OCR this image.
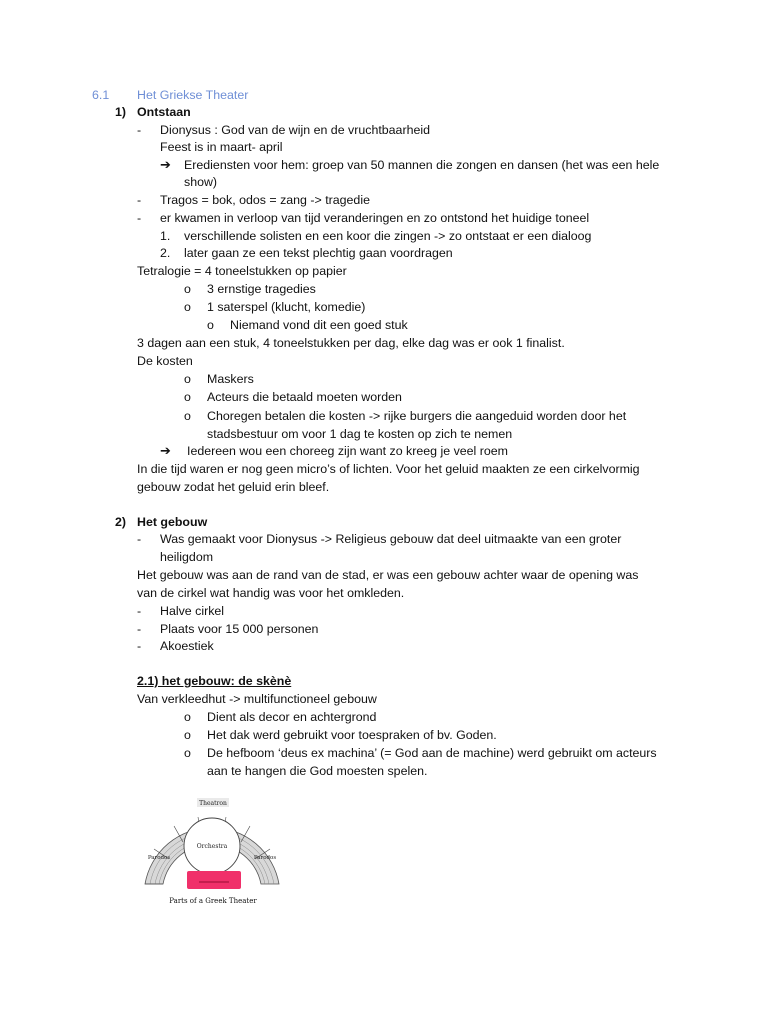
6.1 Het Griekse Theater
1) Ontstaan
- Dionysus : God van de wijn en de vruchtbaarheid
Feest is in maart- april
➔ Erediensten voor hem: groep van 50 mannen die zongen en dansen (het was een hele
show)
- Tragos = bok, odos = zang -> tragedie
- er kwamen in verloop van tijd veranderingen en zo ontstond het huidige toneel
1. verschillende solisten en een koor die zingen -> zo ontstaat er een dialoog
2. later gaan ze een tekst plechtig gaan voordragen
Tetralogie = 4 toneelstukken op papier
o 3 ernstige tragedies
o 1 saterspel (klucht, komedie)
o Niemand vond dit een goed stuk
3 dagen aan een stuk, 4 toneelstukken per dag, elke dag was er ook 1 finalist.
De kosten
o Maskers
o Acteurs die betaald moeten worden
o Choregen betalen die kosten -> rijke burgers die aangeduid worden door het
stadsbestuur om voor 1 dag te kosten op zich te nemen
➔ Iedereen wou een choreeg zijn want zo kreeg je veel roem
In die tijd waren er nog geen micro’s of lichten. Voor het geluid maakten ze een cirkelvormig
gebouw zodat het geluid erin bleef.
2) Het gebouw
- Was gemaakt voor Dionysus -> Religieus gebouw dat deel uitmaakte van een groter
heiligdom
Het gebouw was aan de rand van de stad, er was een gebouw achter waar de opening was
van de cirkel wat handig was voor het omkleden.
- Halve cirkel
- Plaats voor 15 000 personen
- Akoestiek
2.1) het gebouw: de skènè
Van verkleedhut -> multifunctioneel gebouw
o Dient als decor en achtergrond
o Het dak werd gebruikt voor toespraken of bv. Goden.
o De hefboom ‘deus ex machina’ (= God aan de machine) werd gebruikt om acteurs
aan te hangen die God moesten spelen.
Theatron
Orchestra
Parodos	Parodos
Parts of a Greek Theater
